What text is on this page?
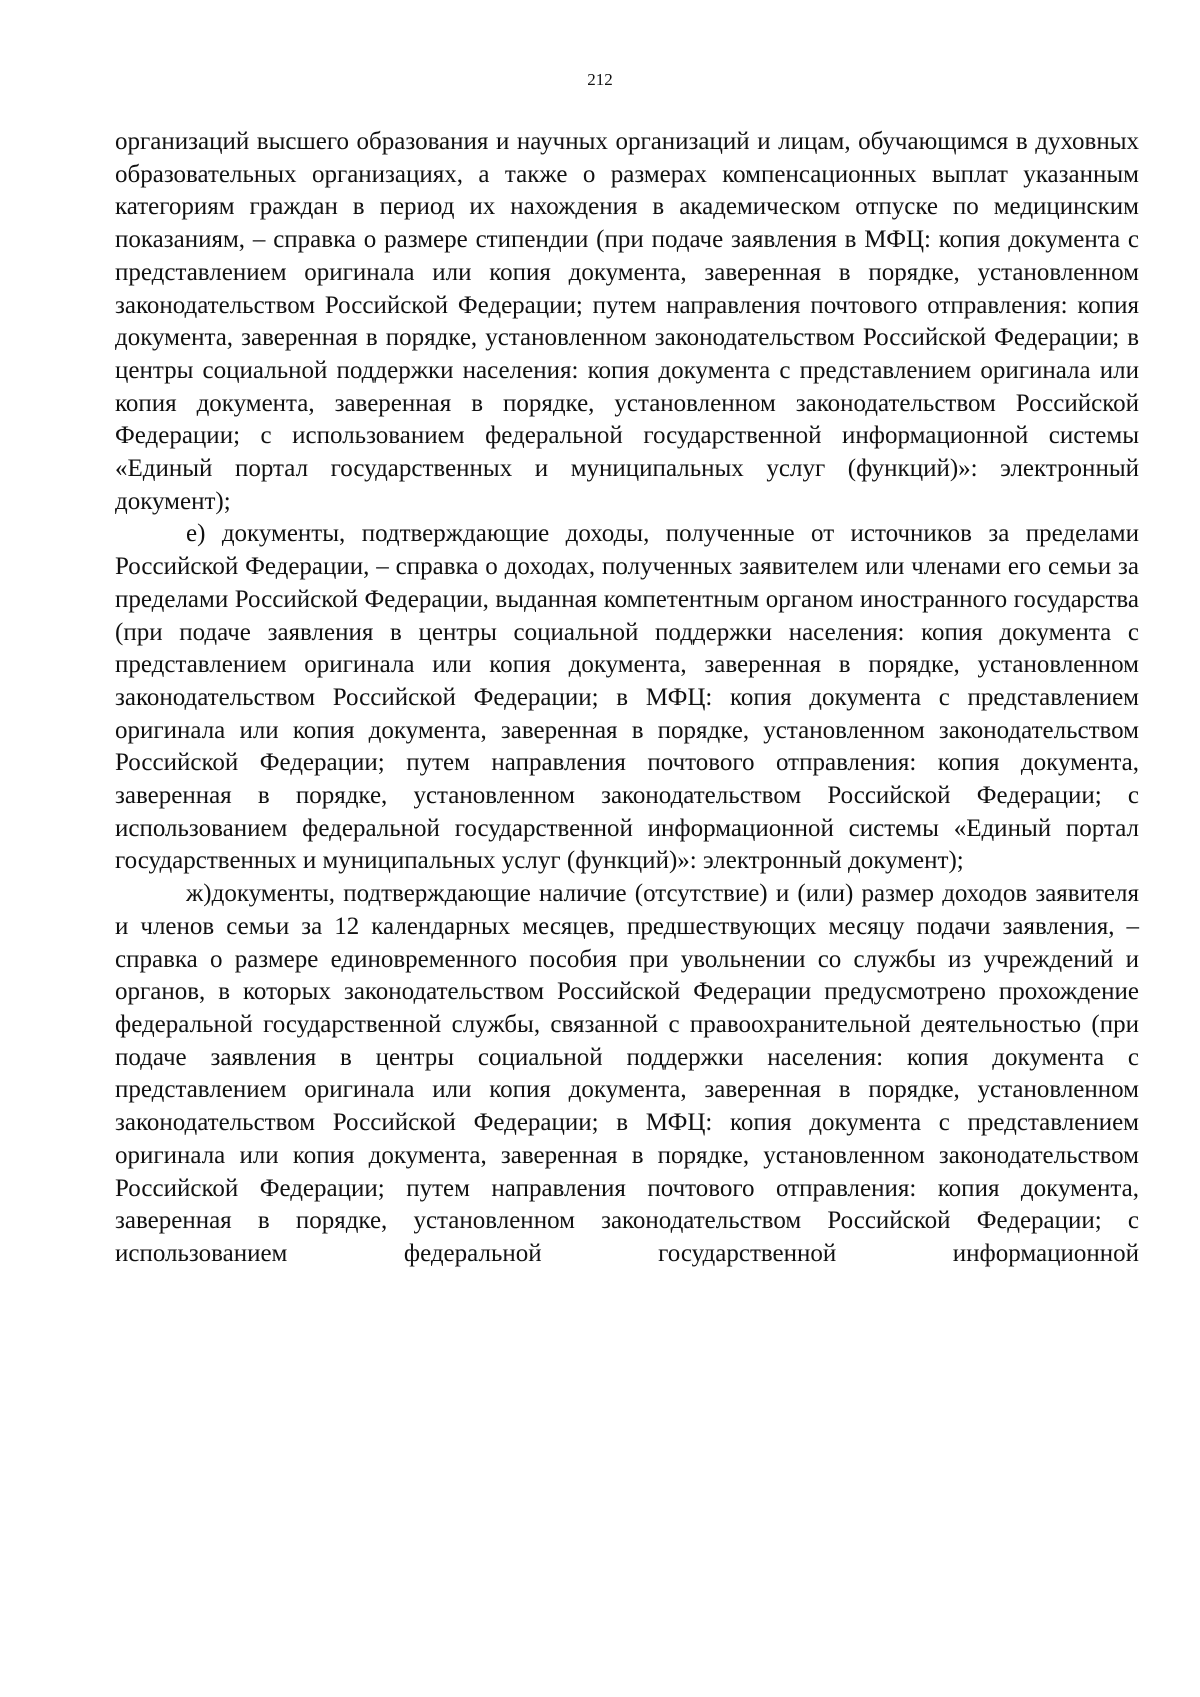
212

организаций высшего образования и научных организаций и лицам, обучающимся в духовных образовательных организациях, а также о размерах компенсационных выплат указанным категориям граждан в период их нахождения в академическом отпуске по медицинским показаниям, – справка о размере стипендии (при подаче заявления в МФЦ: копия документа с представлением оригинала или копия документа, заверенная в порядке, установленном законодательством Российской Федерации; путем направления почтового отправления: копия документа, заверенная в порядке, установленном законодательством Российской Федерации; в центры социальной поддержки населения: копия документа с представлением оригинала или копия документа, заверенная в порядке, установленном законодательством Российской Федерации; с использованием федеральной государственной информационной системы «Единый портал государственных и муниципальных услуг (функций)»: электронный документ);

е) документы, подтверждающие доходы, полученные от источников за пределами Российской Федерации, – справка о доходах, полученных заявителем или членами его семьи за пределами Российской Федерации, выданная компетентным органом иностранного государства (при подаче заявления в центры социальной поддержки населения: копия документа с представлением оригинала или копия документа, заверенная в порядке, установленном законодательством Российской Федерации; в МФЦ: копия документа с представлением оригинала или копия документа, заверенная в порядке, установленном законодательством Российской Федерации; путем направления почтового отправления: копия документа, заверенная в порядке, установленном законодательством Российской Федерации; с использованием федеральной государственной информационной системы «Единый портал государственных и муниципальных услуг (функций)»: электронный документ);

ж)документы, подтверждающие наличие (отсутствие) и (или) размер доходов заявителя и членов семьи за 12 календарных месяцев, предшествующих месяцу подачи заявления, – справка о размере единовременного пособия при увольнении со службы из учреждений и органов, в которых законодательством Российской Федерации предусмотрено прохождение федеральной государственной службы, связанной с правоохранительной деятельностью (при подаче заявления в центры социальной поддержки населения: копия документа с представлением оригинала или копия документа, заверенная в порядке, установленном законодательством Российской Федерации; в МФЦ: копия документа с представлением оригинала или копия документа, заверенная в порядке, установленном законодательством Российской Федерации; путем направления почтового отправления: копия документа, заверенная в порядке, установленном законодательством Российской Федерации; с использованием федеральной государственной информационной
